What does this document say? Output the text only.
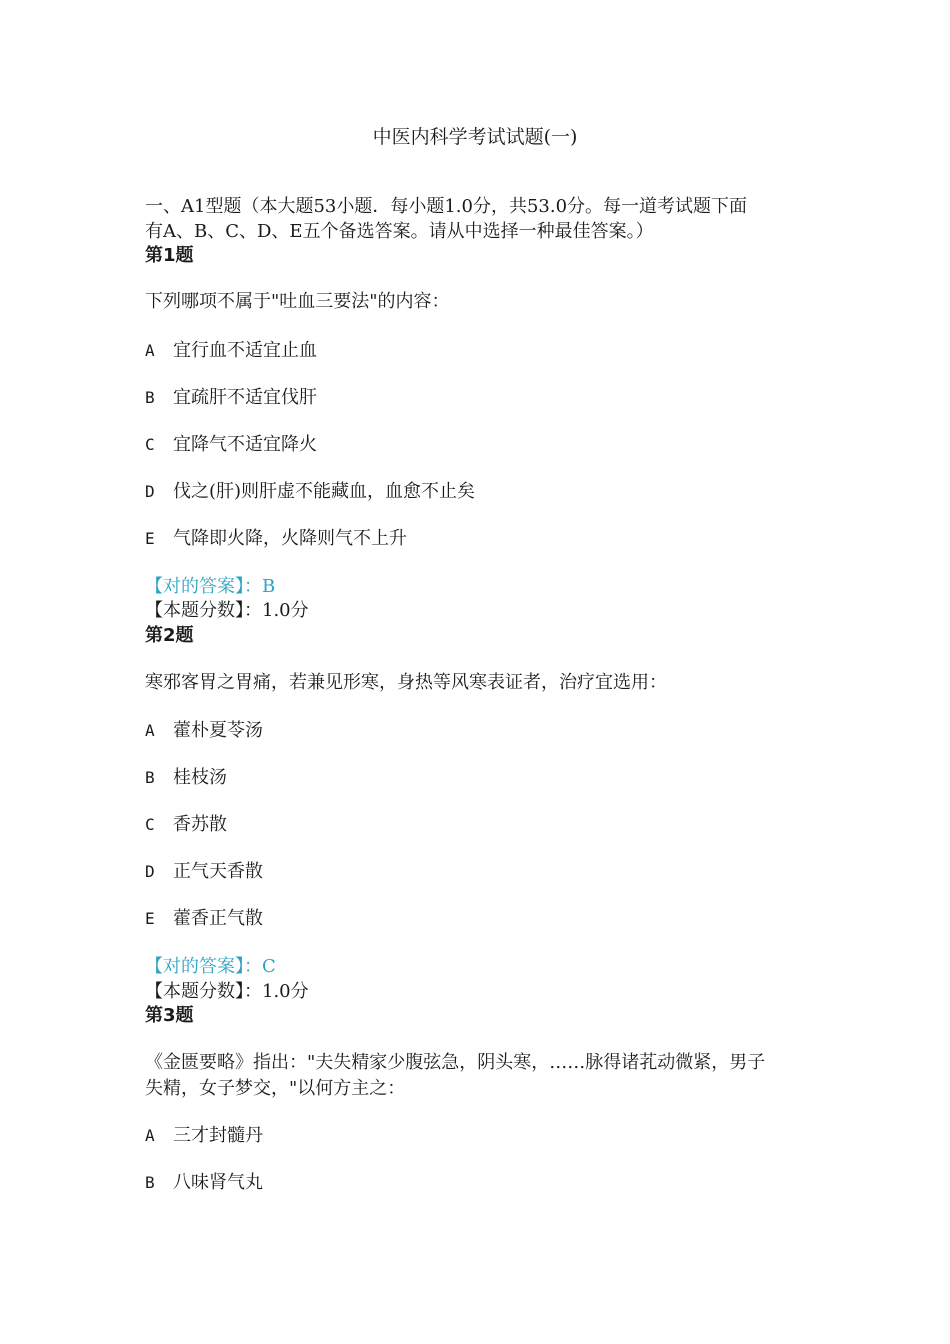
中医内科学考试试题(一)
一、A1型题（本大题53小题．每小题1.0分，共53.0分。每一道考试题下面
有A、B、C、D、E五个备选答案。请从中选择一种最佳答案。）
第1题
下列哪项不属于"吐血三要法"的内容：
A 宜行血不适宜止血
B 宜疏肝不适宜伐肝
C 宜降气不适宜降火
D 伐之(肝)则肝虚不能藏血，血愈不止矣
E 气降即火降，火降则气不上升
【对的答案】：B
【本题分数】：1.0分
第2题
寒邪客胃之胃痛，若兼见形寒，身热等风寒表证者，治疗宜选用：
A 藿朴夏苓汤
B 桂枝汤
C 香苏散
D 正气天香散
E 藿香正气散
【对的答案】：C
【本题分数】：1.0分
第3题
《金匮要略》指出："夫失精家少腹弦急，阴头寒，……脉得诸芤动微紧，男子
失精，女子梦交，"以何方主之：
A 三才封髓丹
B 八味肾气丸
